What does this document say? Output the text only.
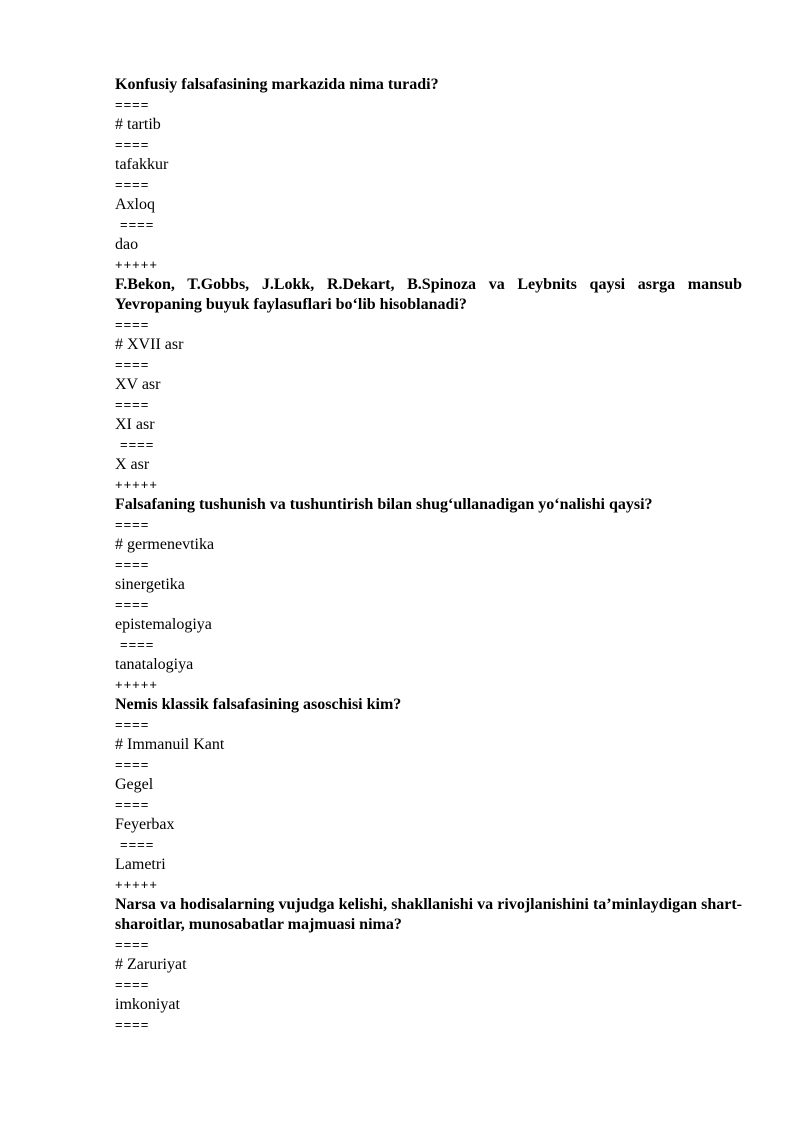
Konfusiy falsafasining markazida nima turadi?
====
# tartib
====
tafakkur
====
Axloq
====
dao
+++++
F.Bekon, T.Gobbs, J.Lokk, R.Dekart, B.Spinoza va Leybnits qaysi asrga mansub Yevropaning buyuk faylasuflari bo‘lib hisoblanadi?
====
# XVII asr
====
XV asr
====
XI asr
====
X asr
+++++
Falsafaning tushunish va tushuntirish bilan shug‘ullanadigan yo‘nalishi qaysi?
====
# germenevtika
====
sinergetika
====
epistemalogiya
====
tanatalogiya
+++++
Nemis klassik falsafasining asoschisi kim?
====
# Immanuil Kant
====
Gegel
====
Feyerbax
====
Lametri
+++++
Narsa va hodisalarning vujudga kelishi, shakllanishi va rivojlanishini ta’minlaydigan shart-sharoitlar, munosabatlar majmuasi nima?
====
# Zaruriyat
====
imkoniyat
====
